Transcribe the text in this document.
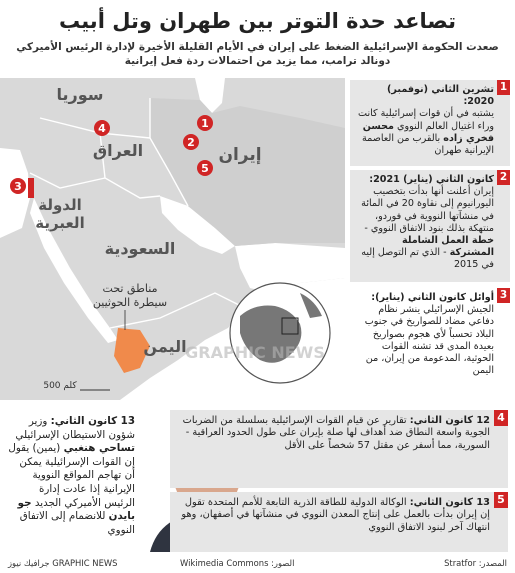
تصاعد حدة التوتر بين طهران وتل أبيب
صعدت الحكومة الإسرائيلية الضغط على إيران في الأيام القليلة الأخيرة لإدارة الرئيس الأميركي دونالد ترامب، مما يزيد من احتمالات ردة فعل إيرانية
سوريا
العراق	إيران
الدولة
العبرية
السعودية
اليمن
مناطق تحت
سيطرة الحوثيين
500 كلم
1
2
3
4
5
GRAPHIC NEWS
1
تشرين الثاني (نوفمبر) 2020:
يشتبه في أن قوات إسرائيلية كانت وراء اغتيال العالم النووي محسن فخري زاده بالقرب من العاصمة الإيرانية طهران
2
كانون الثاني (يناير) 2021:
إيران أعلنت أنها بدأت بتخصيب اليورانيوم إلى نقاوة 20 في المائة في منشآتها النووية في فوردو، منتهكة بذلك بنود الاتفاق النووي - خطة العمل الشاملة المشتركة - الذي تم التوصل إليه في 2015
3
أوائل كانون الثاني (يناير):
الجيش الإسرائيلي ينشر نظام دفاعي مضاد للصواريخ في جنوب البلاد تحسباً لأي هجوم بصواريخ بعيدة المدى قد تشنه القوات الحوثية، المدعومة من إيران، من اليمن
13 كانون الثاني: وزير شؤون الاستيطان الإسرائيلي تساحي هنغبي (يمين) يقول إن القوات الإسرائيلية يمكن أن تهاجم المواقع النووية الإيرانية إذا عادت إدارة الرئيس الأميركي الجديد جو بايدن للانضمام إلى الاتفاق النووي
4
12 كانون الثاني: تقارير عن قيام القوات الإسرائيلية بسلسلة من الضربات الجوية واسعة النطاق ضد أهداف لها صلة بإيران على طول الحدود العراقية - السورية، مما أسفر عن مقتل 57 شخصاً على الأقل
5
13 كانون الثاني: الوكالة الدولية للطاقة الذرية التابعة للأمم المتحدة تقول إن إيران بدأت بالعمل على إنتاج المعدن النووي في منشآتها في أصفهان، وهو انتهاك آخر لبنود الاتفاق النووي
المصدر: Stratfor
الصور: Wikimedia Commons
GRAPHIC NEWS جرافيك نيوز
